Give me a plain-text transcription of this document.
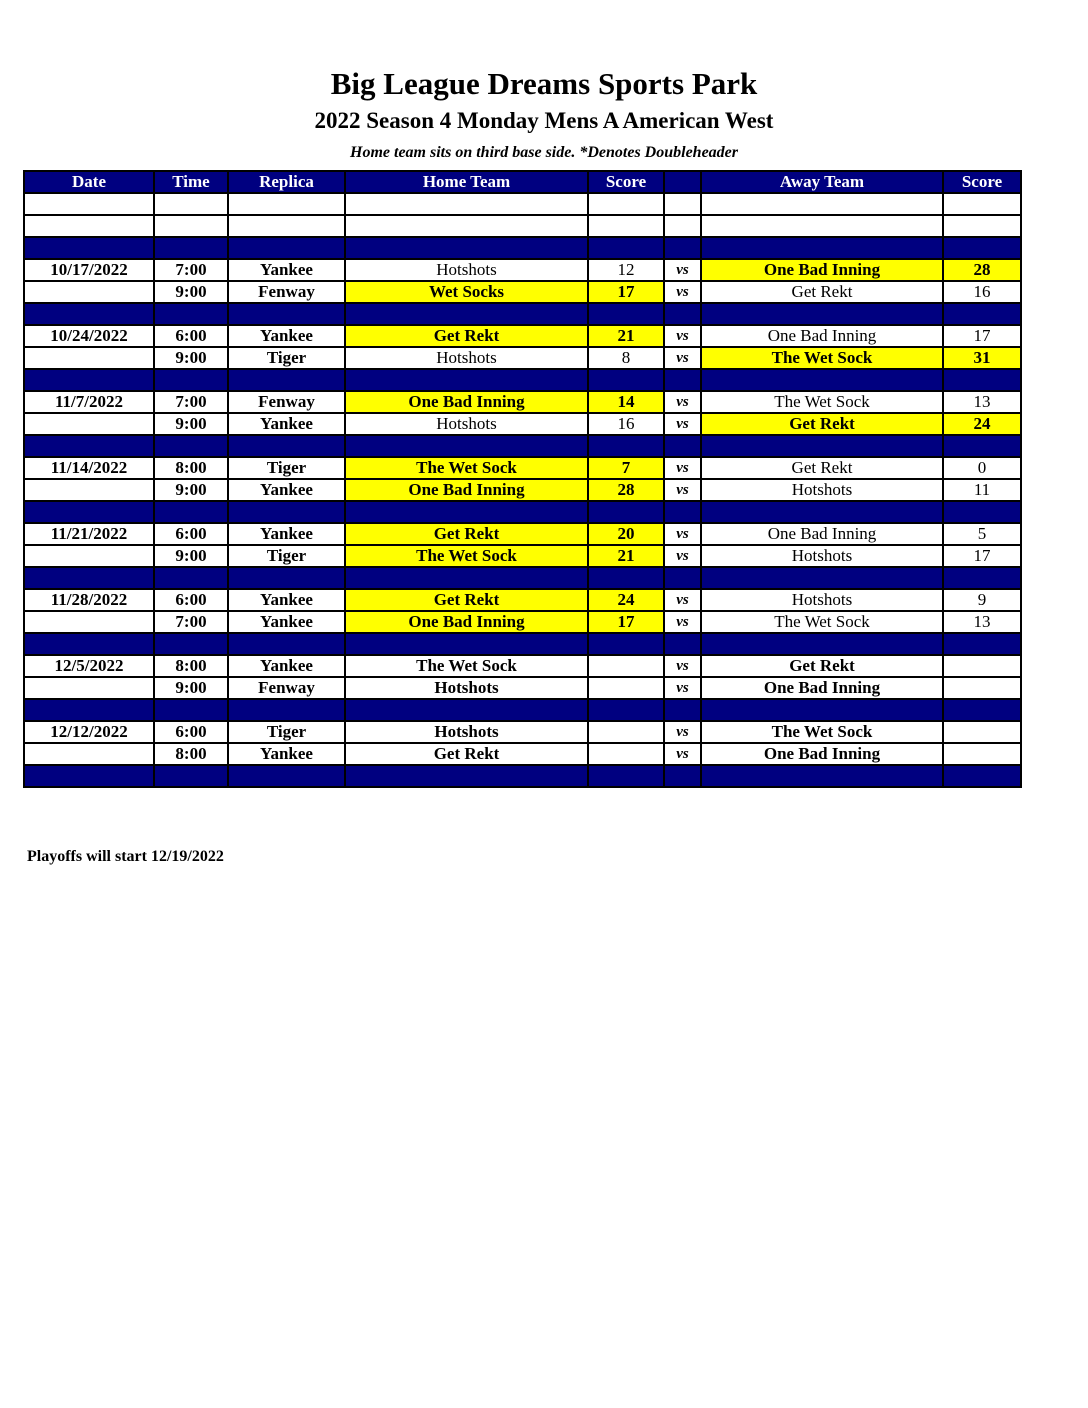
Big League Dreams Sports Park
2022 Season 4 Monday Mens A American West
Home team sits on third base side. *Denotes Doubleheader
Date	Time	Replica	Home Team	Score		Away Team	Score

10/17/2022	7:00	Yankee	Hotshots	12	vs	One Bad Inning	28
	9:00	Fenway	Wet Socks	17	vs	Get Rekt	16

10/24/2022	6:00	Yankee	Get Rekt	21	vs	One Bad Inning	17
	9:00	Tiger	Hotshots	8	vs	The Wet Sock	31

11/7/2022	7:00	Fenway	One Bad Inning	14	vs	The Wet Sock	13
	9:00	Yankee	Hotshots	16	vs	Get Rekt	24

11/14/2022	8:00	Tiger	The Wet Sock	7	vs	Get Rekt	0
	9:00	Yankee	One Bad Inning	28	vs	Hotshots	11

11/21/2022	6:00	Yankee	Get Rekt	20	vs	One Bad Inning	5
	9:00	Tiger	The Wet Sock	21	vs	Hotshots	17

11/28/2022	6:00	Yankee	Get Rekt	24	vs	Hotshots	9
	7:00	Yankee	One Bad Inning	17	vs	The Wet Sock	13

12/5/2022	8:00	Yankee	The Wet Sock		vs	Get Rekt	
	9:00	Fenway	Hotshots		vs	One Bad Inning	

12/12/2022	6:00	Tiger	Hotshots		vs	The Wet Sock	
	8:00	Yankee	Get Rekt		vs	One Bad Inning	

Playoffs will start 12/19/2022
